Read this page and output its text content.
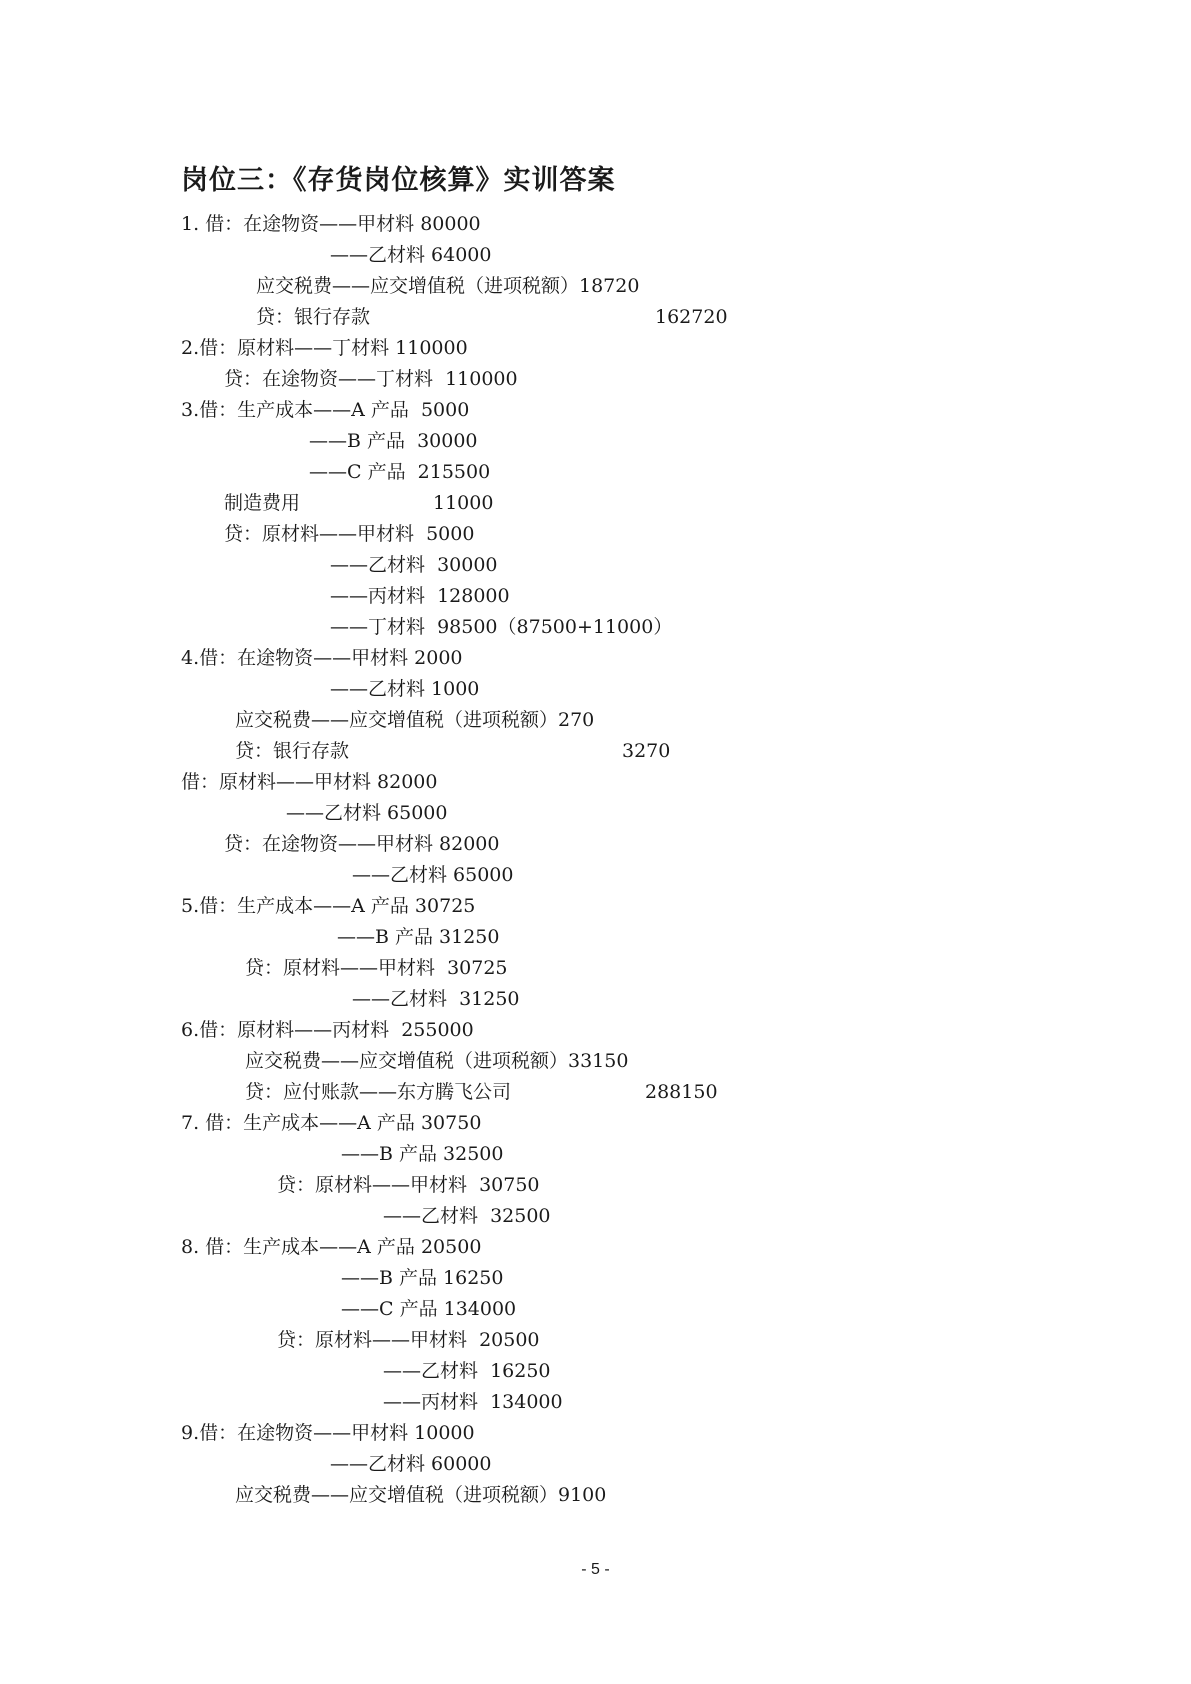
岗位三：《存货岗位核算》实训答案
1. 借：在途物资——甲材料 80000
——乙材料 64000
应交税费——应交增值税（进项税额）18720
贷：银行存款	162720
2.借：原材料——丁材料 110000
贷：在途物资——丁材料  110000
3.借：生产成本——A 产品  5000
——B 产品  30000
——C 产品  215500
制造费用	11000
贷：原材料——甲材料  5000
——乙材料  30000
——丙材料  128000
——丁材料  98500（87500+11000）
4.借：在途物资——甲材料 2000
——乙材料 1000
应交税费——应交增值税（进项税额）270
贷：银行存款	3270
借：原材料——甲材料 82000
——乙材料 65000
贷：在途物资——甲材料 82000
——乙材料 65000
5.借：生产成本——A 产品 30725
——B 产品 31250
贷：原材料——甲材料  30725
——乙材料  31250
6.借：原材料——丙材料  255000
应交税费——应交增值税（进项税额）33150
贷：应付账款——东方腾飞公司	288150
7. 借：生产成本——A 产品 30750
——B 产品 32500
贷：原材料——甲材料  30750
——乙材料  32500
8. 借：生产成本——A 产品 20500
——B 产品 16250
——C 产品 134000
贷：原材料——甲材料  20500
——乙材料  16250
——丙材料  134000
9.借：在途物资——甲材料 10000
——乙材料 60000
应交税费——应交增值税（进项税额）9100
- 5 -
